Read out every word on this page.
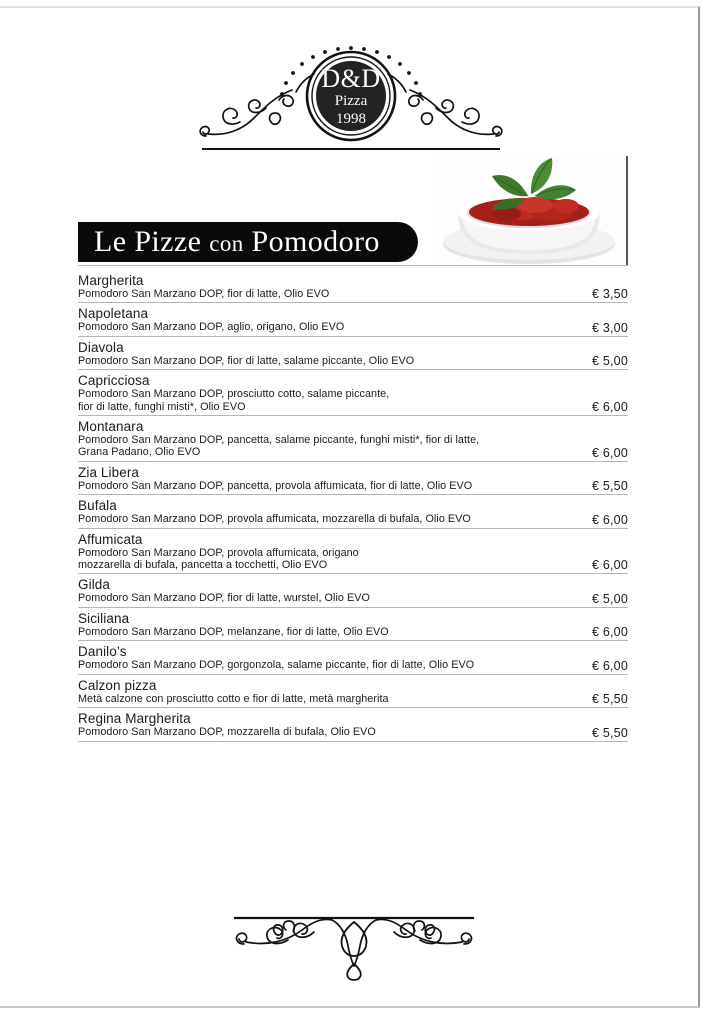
D&D
Pizza
1998
Le Pizze con Pomodoro
Margherita
Pomodoro San Marzano DOP, fior di latte, Olio EVO	€ 3,50
Napoletana
Pomodoro San Marzano DOP, aglio, origano, Olio EVO	€ 3,00
Diavola
Pomodoro San Marzano DOP, fior di latte, salame piccante, Olio EVO	€ 5,00
Capricciosa
Pomodoro San Marzano DOP, prosciutto cotto, salame piccante,
fior di latte, funghi misti*, Olio EVO	€ 6,00
Montanara
Pomodoro San Marzano DOP, pancetta, salame piccante, funghi misti*, fior di latte,
Grana Padano, Olio EVO	€ 6,00
Zia Libera
Pomodoro San Marzano DOP, pancetta, provola affumicata, fior di latte, Olio EVO	€ 5,50
Bufala
Pomodoro San Marzano DOP, provola affumicata, mozzarella di bufala, Olio EVO	€ 6,00
Affumicata
Pomodoro San Marzano DOP, provola affumicata, origano
mozzarella di bufala, pancetta a tocchetti, Olio EVO	€ 6,00
Gilda
Pomodoro San Marzano DOP, fior di latte, wurstel, Olio EVO	€ 5,00
Siciliana
Pomodoro San Marzano DOP, melanzane, fior di latte, Olio EVO	€ 6,00
Danilo’s
Pomodoro San Marzano DOP, gorgonzola, salame piccante, fior di latte, Olio EVO	€ 6,00
Calzon pizza
Metà calzone con prosciutto cotto e fior di latte, metà margherita	€ 5,50
Regina Margherita
Pomodoro San Marzano DOP, mozzarella di bufala, Olio EVO	€ 5,50
